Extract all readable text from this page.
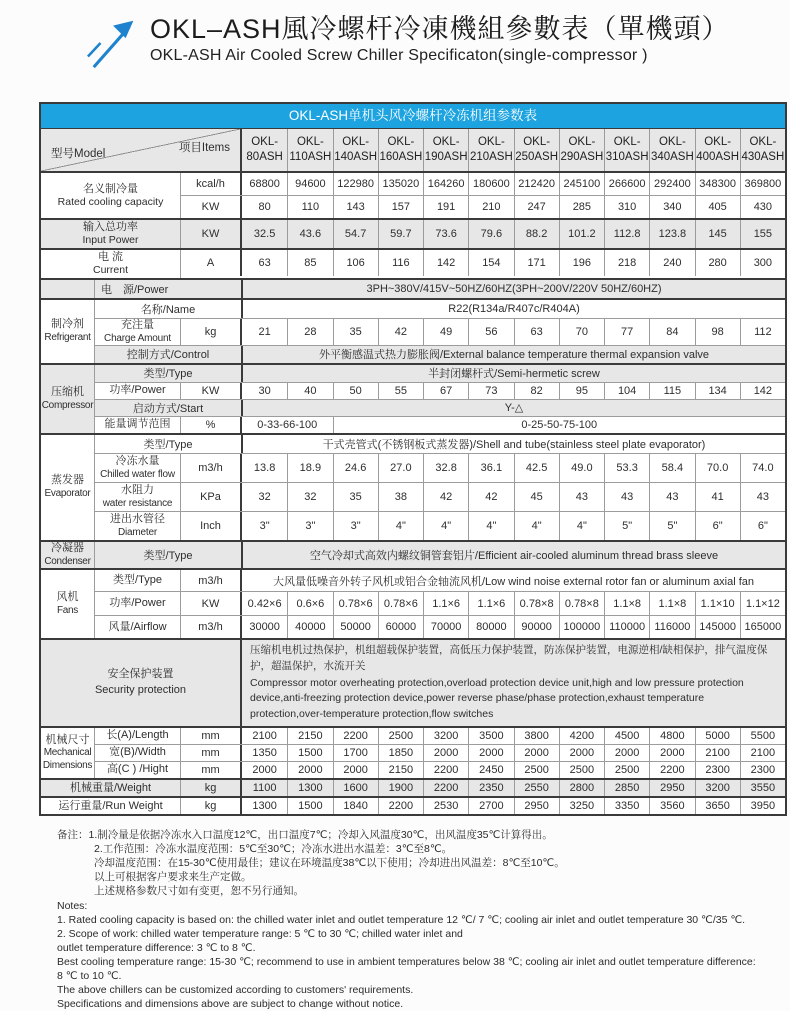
OKL–ASH風冷螺杆冷凍機組參數表（單機頭）
OKL-ASH Air Cooled Screw Chiller Specificaton(single-compressor )
OKL-ASH单机头风冷螺杆冷冻机组参数表
型号Model	项目Items OKL-
80ASH
OKL-
110ASH
OKL-
140ASH
OKL-
160ASH
OKL-
190ASH
OKL-
210ASH
OKL-
250ASH
OKL-
290ASH
OKL-
310ASH
OKL-
340ASH
OKL-
400ASH
OKL-
430ASH
名义制冷量
Rated cooling capacity
kcal/h	68800	94600	122980 135020 164260 180600 212420 245100 266600 292400 348300 369800
KW	80	110	143	157	191	210	247	285	310	340	405	430
输入总功率
Input Power
KW	32.5	43.6	54.7	59.7	73.6	79.6	88.2	101.2	112.8	123.8	145	155
电 流
Current
A	63	85	106	116	142	154	171	196	218	240	280	300
电　源/Power	3PH~380V/415V~50HZ/60HZ(3PH~200V/220V 50HZ/60HZ)
制冷剂
Refrigerant
名称/Name	R22(R134a/R407c/R404A)
充注量
Charge Amount
kg	21	28	35	42	49	56	63	70	77	84	98	112
控制方式/Control	外平衡感温式热力膨胀阀/External balance temperature thermal expansion valve
压缩机
Compressor
类型/Type	半封闭螺杆式/Semi-hermetic screw
功率/Power	KW	30	40	50	55	67	73	82	95	104	115	134	142
启动方式/Start	Y-△
能量调节范围	%	0-33-66-100	0-25-50-75-100
蒸发器
Evaporator
类型/Type	干式壳管式(不锈钢板式蒸发器)/Shell and tube(stainless steel plate evaporator)
冷冻水量
Chilled water flow
m3/h	13.8	18.9	24.6	27.0	32.8	36.1	42.5	49.0	53.3	58.4	70.0	74.0
水阻力
water resistance
KPa	32	32	35	38	42	42	45	43	43	43	41	43
进出水管径
Diameter
Inch	3"	3"	3"	4"	4"	4"	4"	4"	5"	5"	6"	6"
冷凝器
Condenser	类型/Type	空气冷却式高效内螺纹铜管套铝片/Efficient air-cooled aluminum thread brass sleeve
风机
Fans
类型/Type	m3/h	大风量低噪音外转子风机或铝合金轴流风机/Low wind noise external rotor fan or aluminum axial fan
功率/Power	KW	0.42×6	0.6×6	0.78×6	0.78×6	1.1×6	1.1×6	0.78×8	0.78×8	1.1×8	1.1×8	1.1×10	1.1×12
风量/Airflow	m3/h	30000	40000	50000	60000	70000	80000	90000	100000 110000 116000 145000 165000
安全保护装置
Security protection
压缩机电机过热保护，机组超载保护装置，高低压力保护装置，防冻保护装置，电源逆相/缺相保护，排气温度保护，超温保护，水流开关
Compressor motor overheating protection,overload protection device unit,high and low pressure protection device,anti-freezing protection device,power reverse phase/phase protection,exhaust temperature protection,over-temperature protection,flow switches
机械尺寸
Mechanical
Dimensions
长(A)/Length	mm	2100	2150	2200	2500	3200	3500	3800	4200	4500	4800	5000	5500
宽(B)/Width	mm	1350	1500	1700	1850	2000	2000	2000	2000	2000	2000	2100	2100
高(C ) /Hight	mm	2000	2000	2000	2150	2200	2450	2500	2500	2500	2200	2300	2300
机械重量/Weight	kg	1100	1300	1600	1900	2200	2350	2550	2800	2850	2950	3200	3550
运行重量/Run Weight	kg	1300	1500	1840	2200	2530	2700	2950	3250	3350	3560	3650	3950
备注：1.制冷量是依据冷冻水入口温度12℃，出口温度7℃；冷却入风温度30℃，出风温度35℃计算得出。
2.工作范围：冷冻水温度范围：5℃至30℃；冷冻水进出水温差：3℃至8℃。
冷却温度范围：在15-30℃使用最佳；建议在环境温度38℃以下使用；冷却进出风温差：8℃至10℃。
以上可根据客户要求来生产定做。
上述规格参数尺寸如有变更，恕不另行通知。
Notes:
1. Rated cooling capacity is based on: the chilled water inlet and outlet temperature 12 ℃/ 7 ℃; cooling air inlet and outlet temperature 30 ℃/35 ℃.
2. Scope of work: chilled water temperature range: 5 ℃ to 30 ℃; chilled water inlet and
outlet temperature difference: 3 ℃ to 8 ℃.
Best cooling temperature range: 15-30 ℃; recommend to use in ambient temperatures below 38 ℃; cooling air inlet and outlet temperature difference: 8 ℃ to 10 ℃.
The above chillers can be customized according to customers' requirements.
Specifications and dimensions above are subject to change without notice.
